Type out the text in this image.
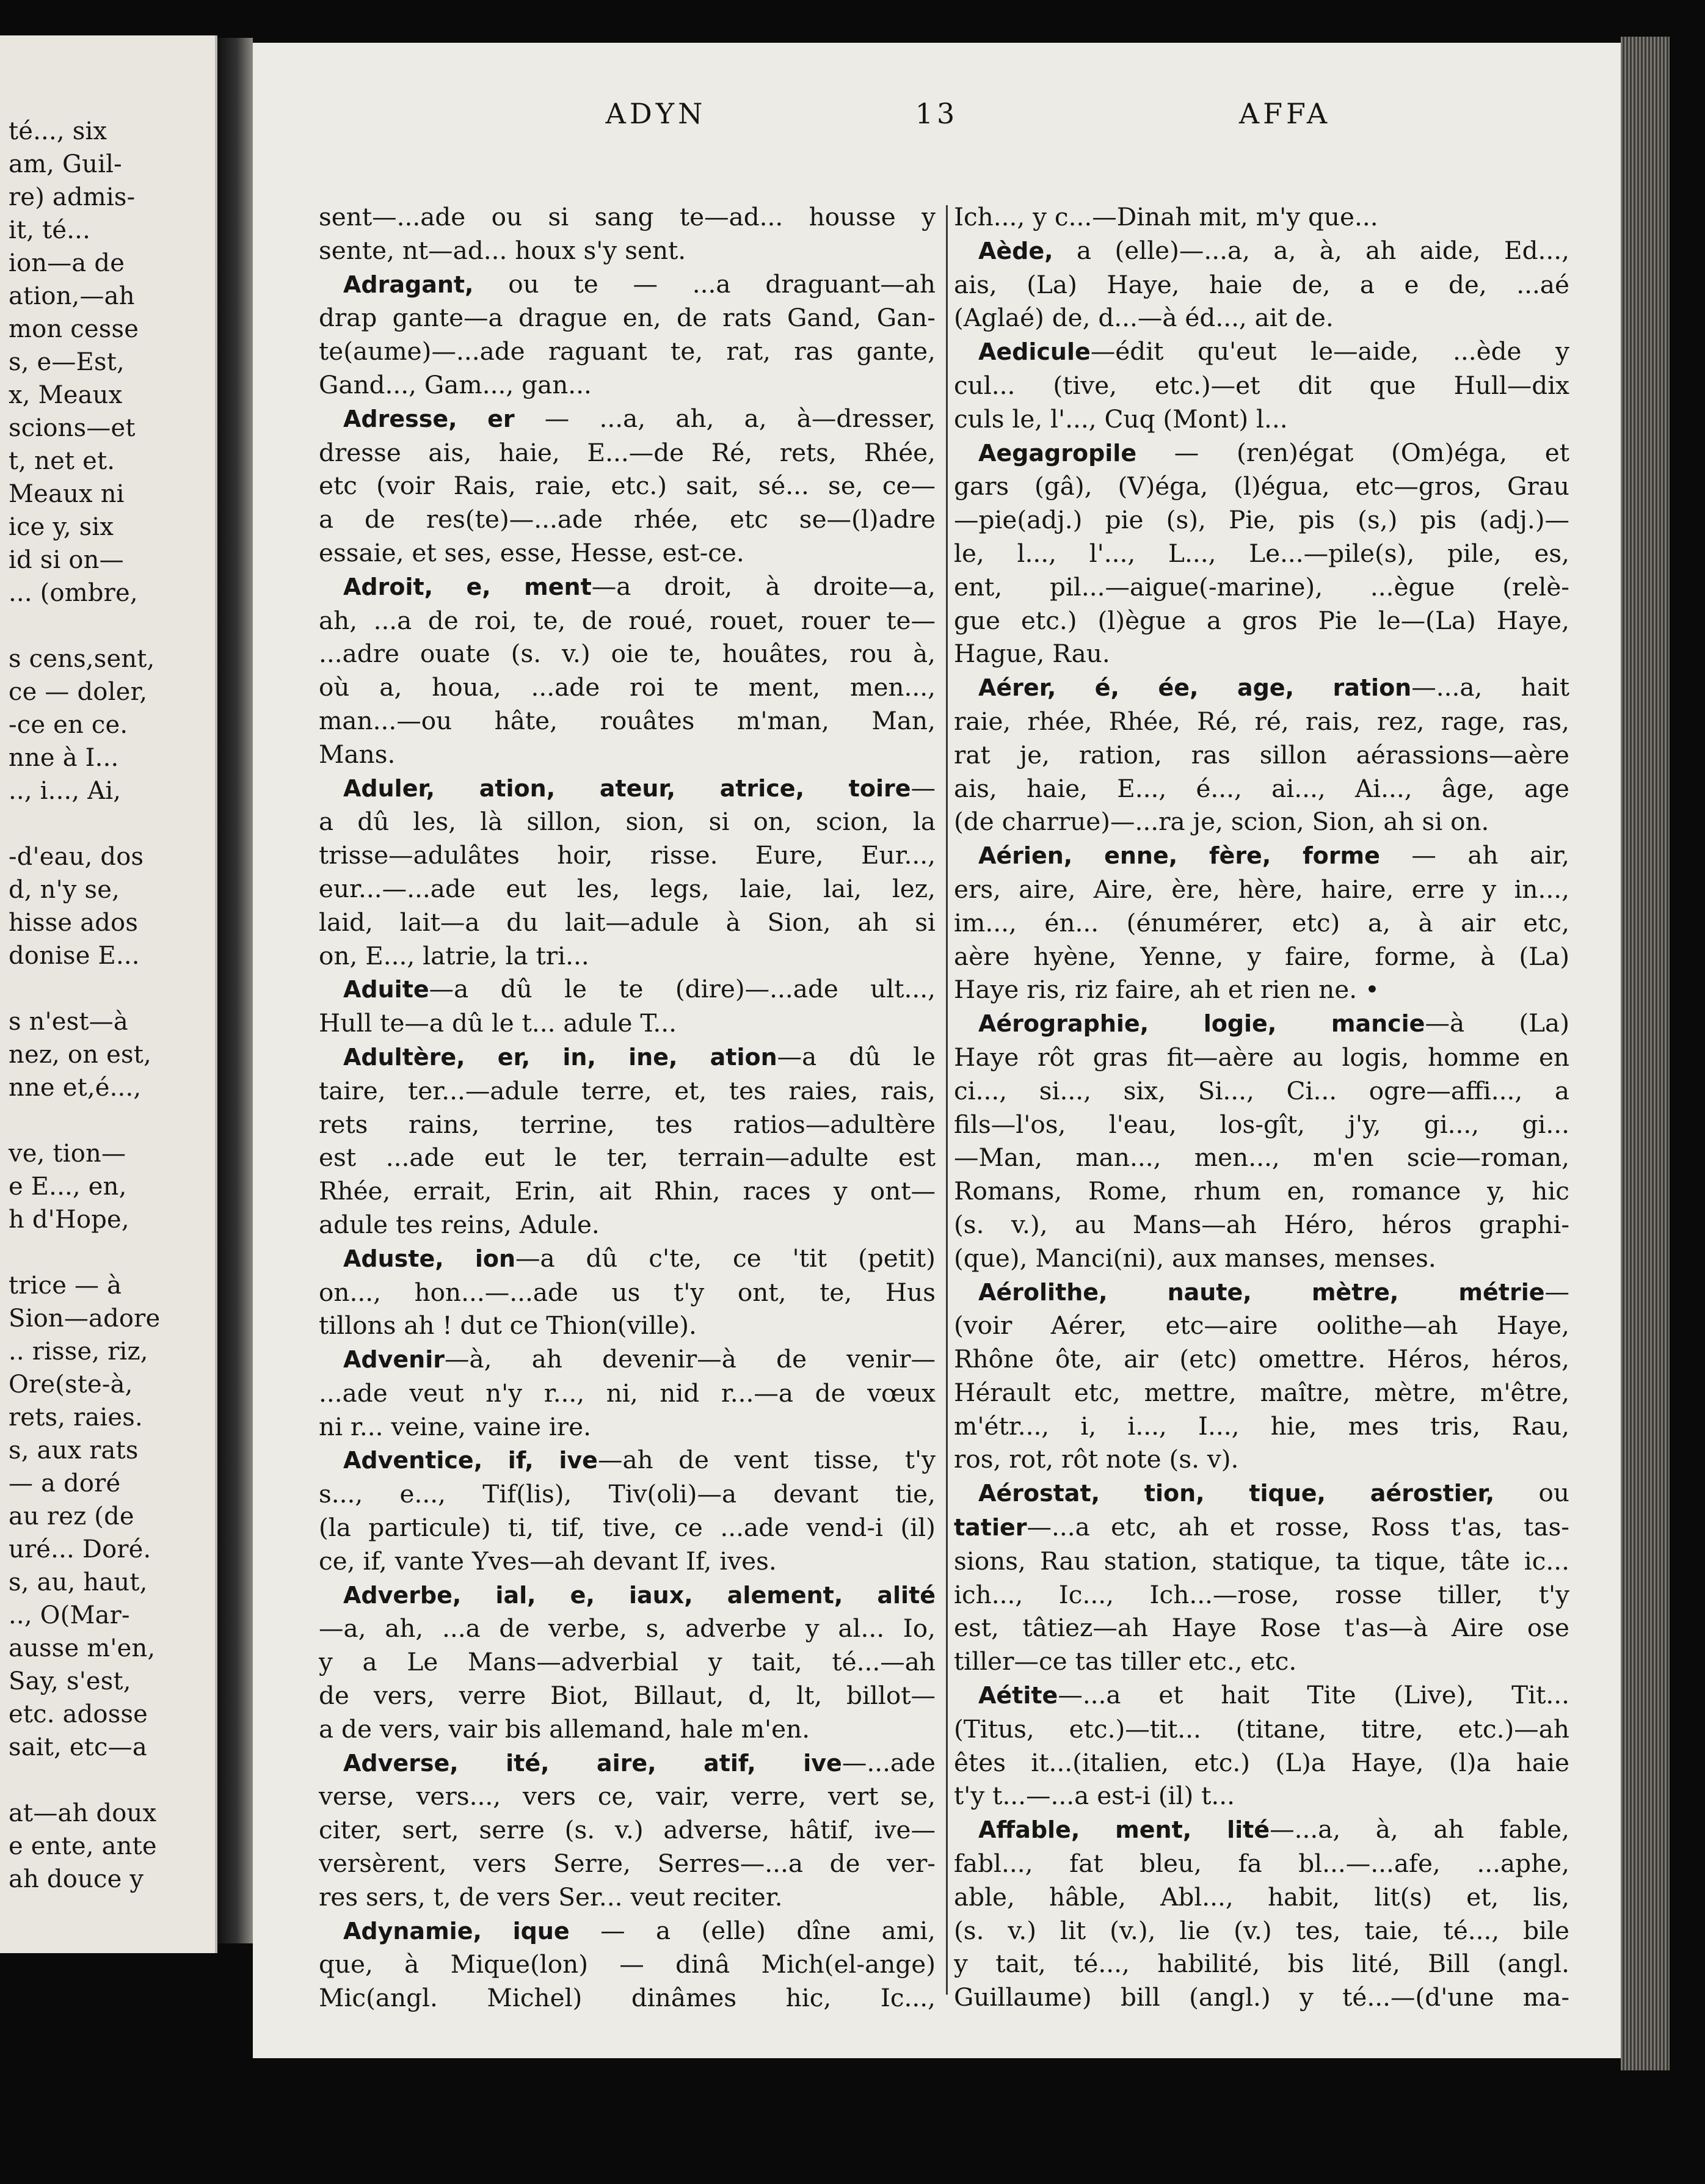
té..., six
am, Guil-
re) admis-
it, té...
ion—a de
ation,—ah
mon cesse
s, e—Est,
x, Meaux
scions—et
t, net et.
Meaux ni
ice y, six
id si on—
... (ombre,
s cens,sent,
ce — doler,
-ce en ce.
nne à I...
.., i..., Ai,
-d'eau, dos
d, n'y se,
hisse ados
donise E...
s n'est—à
nez, on est,
nne et,é...,
ve, tion—
e E..., en,
h d'Hope,
trice — à
Sion—adore
.. risse, riz,
Ore(ste-à,
rets, raies.
s, aux rats
— a doré
au rez (de
uré... Doré.
s, au, haut,
.., O(Mar-
ausse m'en,
Say, s'est,
etc. adosse
sait, etc—a
at—ah doux
e ente, ante
ah douce y
ADYN	13	AFFA
sent—...ade ou si sang te—ad... housse y
sente, nt—ad... houx s'y sent.
Adragant, ou te — ...a draguant—ah
drap gante—a drague en, de rats Gand, Gan-
te(aume)—...ade raguant te, rat, ras gante,
Gand..., Gam..., gan...
Adresse, er — ...a, ah, a, à—dresser,
dresse ais, haie, E...—de Ré, rets, Rhée,
etc (voir Rais, raie, etc.) sait, sé... se, ce—
a de res(te)—...ade rhée, etc se—(l)adre
essaie, et ses, esse, Hesse, est-ce.
Adroit, e, ment—a droit, à droite—a,
ah, ...a de roi, te, de roué, rouet, rouer te—
...adre ouate (s. v.) oie te, houâtes, rou à,
où a, houa, ...ade roi te ment, men...,
man...—ou hâte, rouâtes m'man, Man,
Mans.
Aduler, ation, ateur, atrice, toire—
a dû les, là sillon, sion, si on, scion, la
trisse—adulâtes hoir, risse. Eure, Eur...,
eur...—...ade eut les, legs, laie, lai, lez,
laid, lait—a du lait—adule à Sion, ah si
on, E..., latrie, la tri...
Aduite—a dû le te (dire)—...ade ult...,
Hull te—a dû le t... adule T...
Adultère, er, in, ine, ation—a dû le
taire, ter...—adule terre, et, tes raies, rais,
rets rains, terrine, tes ratios—adultère
est ...ade eut le ter, terrain—adulte est
Rhée, errait, Erin, ait Rhin, races y ont—
adule tes reins, Adule.
Aduste, ion—a dû c'te, ce 'tit (petit)
on..., hon...—...ade us t'y ont, te, Hus
tillons ah ! dut ce Thion(ville).
Advenir—à, ah devenir—à de venir—
...ade veut n'y r..., ni, nid r...—a de vœux
ni r... veine, vaine ire.
Adventice, if, ive—ah de vent tisse, t'y
s..., e..., Tif(lis), Tiv(oli)—a devant tie,
(la particule) ti, tif, tive, ce ...ade vend-i (il)
ce, if, vante Yves—ah devant If, ives.
Adverbe, ial, e, iaux, alement, alité
—a, ah, ...a de verbe, s, adverbe y al... Io,
y a Le Mans—adverbial y tait, té...—ah
de vers, verre Biot, Billaut, d, lt, billot—
a de vers, vair bis allemand, hale m'en.
Adverse, ité, aire, atif, ive—...ade
verse, vers..., vers ce, vair, verre, vert se,
citer, sert, serre (s. v.) adverse, hâtif, ive—
versèrent, vers Serre, Serres—...a de ver-
res sers, t, de vers Ser... veut reciter.
Adynamie, ique — a (elle) dîne ami,
que, à Mique(lon) — dinâ Mich(el-ange)
Mic(angl. Michel) dinâmes hic, Ic...,
Ich..., y c...—Dinah mit, m'y que...
Aède, a (elle)—...a, a, à, ah aide, Ed...,
ais, (La) Haye, haie de, a e de, ...aé
(Aglaé) de, d...—à éd..., ait de.
Aedicule—édit qu'eut le—aide, ...ède y
cul... (tive, etc.)—et dit que Hull—dix
culs le, l'..., Cuq (Mont) l...
Aegagropile — (ren)égat (Om)éga, et
gars (gâ), (V)éga, (l)égua, etc—gros, Grau
—pie(adj.) pie (s), Pie, pis (s,) pis (adj.)—
le, l..., l'..., L..., Le...—pile(s), pile, es,
ent, pil...—aigue(-marine), ...ègue (relè-
gue etc.) (l)ègue a gros Pie le—(La) Haye,
Hague, Rau.
Aérer, é, ée, age, ration—...a, hait
raie, rhée, Rhée, Ré, ré, rais, rez, rage, ras,
rat je, ration, ras sillon aérassions—aère
ais, haie, E..., é..., ai..., Ai..., âge, age
(de charrue)—...ra je, scion, Sion, ah si on.
Aérien, enne, fère, forme — ah air,
ers, aire, Aire, ère, hère, haire, erre y in...,
im..., én... (énumérer, etc) a, à air etc,
aère hyène, Yenne, y faire, forme, à (La)
Haye ris, riz faire, ah et rien ne. •
Aérographie, logie, mancie—à (La)
Haye rôt gras fit—aère au logis, homme en
ci..., si..., six, Si..., Ci... ogre—affi..., a
fils—l'os, l'eau, los-gît, j'y, gi..., gi...
—Man, man..., men..., m'en scie—roman,
Romans, Rome, rhum en, romance y, hic
(s. v.), au Mans—ah Héro, héros graphi-
(que), Manci(ni), aux manses, menses.
Aérolithe, naute, mètre, métrie—
(voir Aérer, etc—aire oolithe—ah Haye,
Rhône ôte, air (etc) omettre. Héros, héros,
Hérault etc, mettre, maître, mètre, m'être,
m'étr..., i, i..., I..., hie, mes tris, Rau,
ros, rot, rôt note (s. v).
Aérostat, tion, tique, aérostier, ou
tatier—...a etc, ah et rosse, Ross t'as, tas-
sions, Rau station, statique, ta tique, tâte ic...
ich..., Ic..., Ich...—rose, rosse tiller, t'y
est, tâtiez—ah Haye Rose t'as—à Aire ose
tiller—ce tas tiller etc., etc.
Aétite—...a et hait Tite (Live), Tit...
(Titus, etc.)—tit... (titane, titre, etc.)—ah
êtes it...(italien, etc.) (L)a Haye, (l)a haie
t'y t...—...a est-i (il) t...
Affable, ment, lité—...a, à, ah fable,
fabl..., fat bleu, fa bl...—...afe, ...aphe,
able, hâble, Abl..., habit, lit(s) et, lis,
(s. v.) lit (v.), lie (v.) tes, taie, té..., bile
y tait, té..., habilité, bis lité, Bill (angl.
Guillaume) bill (angl.) y té...—(d'une ma-
